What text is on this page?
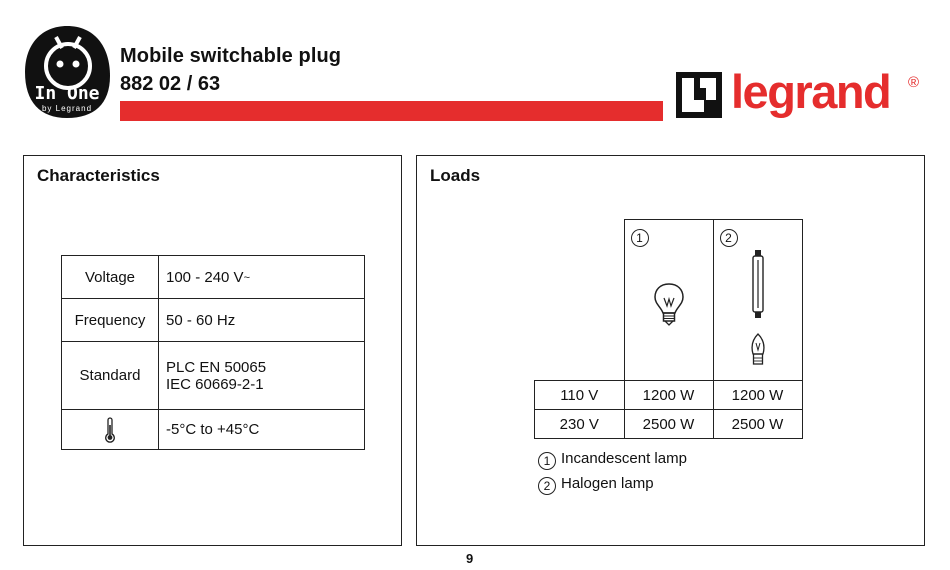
In One
by Legrand
Mobile switchable plug
882 02 / 63	legrand ®
Characteristics
Voltage	100 - 240 V~
Frequency	50 - 60 Hz
Standard	PLC EN 50065
IEC 60669-2-1

	-5°C to +45°C
Loads

	1	2

110 V	1200 W	1200 W
230 V	2500 W	2500 W
1 Incandescent lamp
2 Halogen lamp
9
